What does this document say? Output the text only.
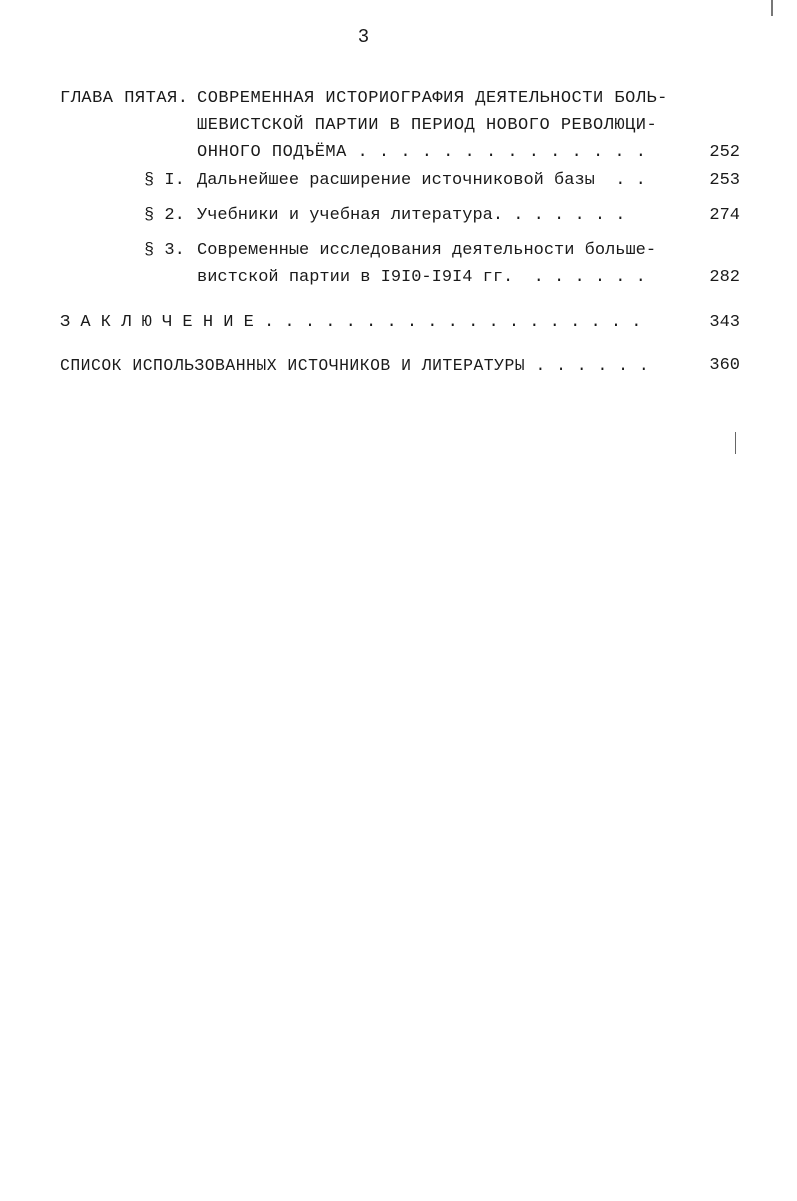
3
ГЛАВА ПЯТАЯ. СОВРЕМЕННАЯ ИСТОРИОГРАФИЯ ДЕЯТЕЛЬНОСТИ БОЛЬ-
ШЕВИСТСКОЙ ПАРТИИ В ПЕРИОД НОВОГО РЕВОЛЮЦИ-
ОННОГО ПОДЪЁМА . . . . . . . . . . . . . .	252
§ I. Дальнейшее расширение источниковой базы  . .	253
§ 2. Учебники и учебная литература. . . . . . .	274
§ 3. Современные исследования деятельности больше-
вистской партии в I9I0-I9I4 гг.  . . . . . .	282
З А К Л Ю Ч Е Н И Е . . . . . . . . . . . . . . . . . . .	343
СПИСОК ИСПОЛЬЗОВАННЫХ ИСТОЧНИКОВ И ЛИТЕРАТУРЫ . . . . . .	360
